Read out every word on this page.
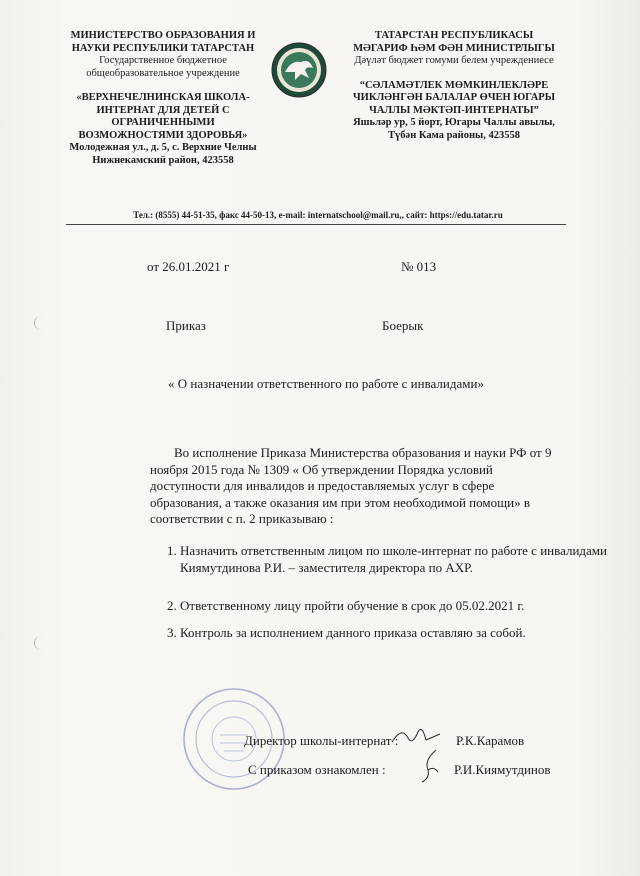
МИНИСТЕРСТВО ОБРАЗОВАНИЯ И НАУКИ РЕСПУБЛИКИ ТАТАРСТАН
Государственное бюджетное общеобразовательное учреждение
«ВЕРХНЕЧЕЛНИНСКАЯ ШКОЛА-ИНТЕРНАТ ДЛЯ ДЕТЕЙ С ОГРАНИЧЕННЫМИ ВОЗМОЖНОСТЯМИ ЗДОРОВЬЯ»
Молодежная ул., д. 5, с. Верхние Челны Нижнекамский район, 423558
ТАТАРСТАН РЕСПУБЛИКАСЫ МӘГАРИФ ҺӘМ ФӘН МИНИСТРЛЫГЫ
Дәүләт бюджет гомуми белем учреждениесе
“СӘЛАМӘТЛЕК МӨМКИНЛЕКЛӘРЕ ЧИКЛӘНГӘН БАЛАЛАР ӨЧЕН ЮГАРЫ ЧАЛЛЫ МӘКТӘП-ИНТЕРНАТЫ”
Яшьләр ур, 5 йорт, Югары Чаллы авылы, Түбән Кама районы, 423558
Тел.: (8555) 44-51-35, факс 44-50-13, e-mail: internatschool@mail.ru,, сайт: https://edu.tatar.ru
от 26.01.2021 г	№ 013
Приказ	Боерык
« О назначении ответственного по работе с инвалидами»
Во исполнение Приказа Министерства образования и науки РФ от 9 ноября 2015 года № 1309 « Об утверждении Порядка условий доступности для инвалидов и предоставляемых услуг в сфере образования, а также оказания им при этом необходимой помощи» в соответствии с п. 2 приказываю :
1. Назначить ответственным лицом по школе-интернат по работе с инвалидами Киямутдинова Р.И. – заместителя директора по АХР.
2. Ответственному лицу пройти обучение в срок до 05.02.2021 г.
3. Контроль за исполнением данного приказа оставляю за собой.
Директор школы-интернат :	Р.К.Карамов
С приказом ознакомлен :	Р.И.Киямутдинов
